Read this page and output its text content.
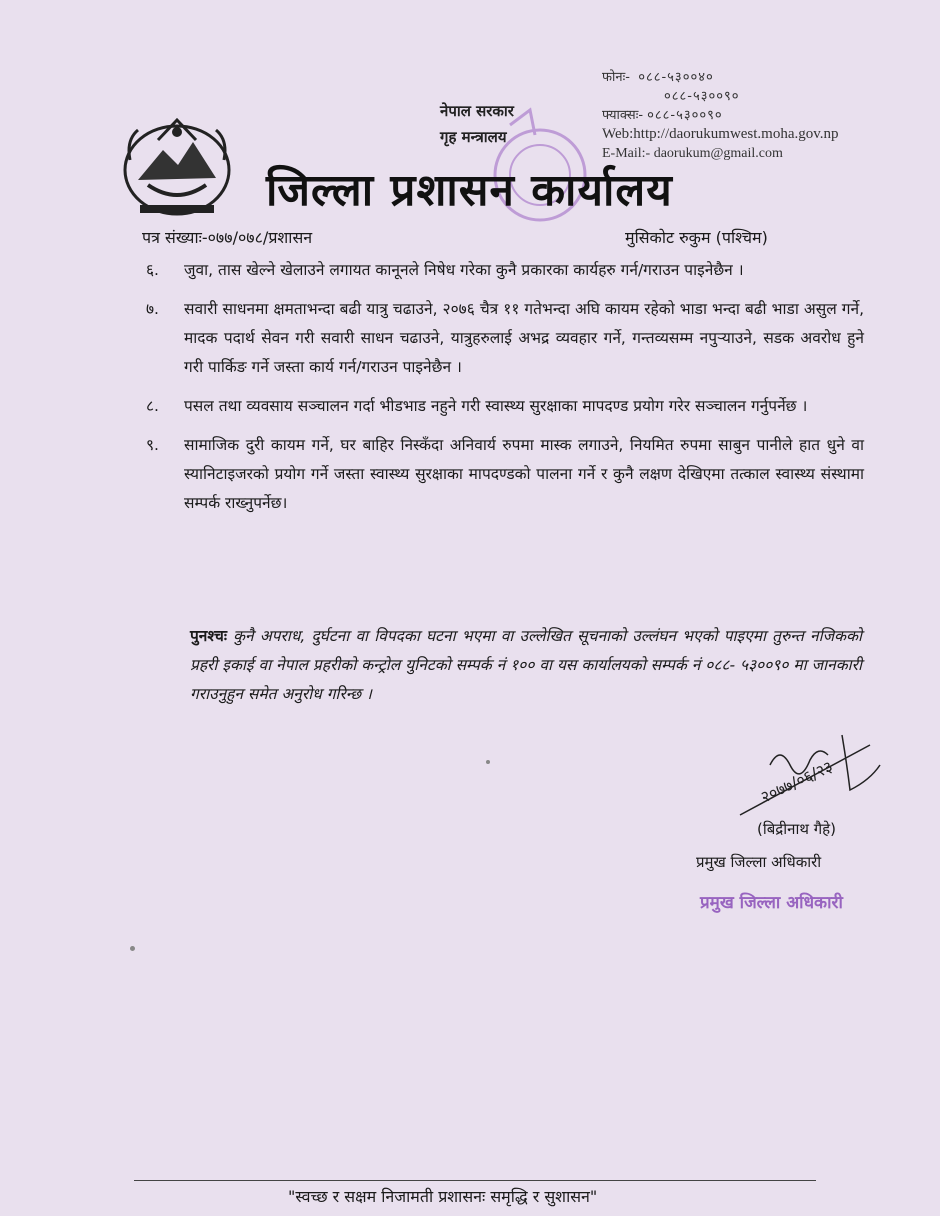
नेपाल सरकार
गृह मन्त्रालय
फोनः- ०८८-५३००४०
०८८-५३००९०
फ्याक्सः- ०८८-५३००९०
Web:http://daorukumwest.moha.gov.np
E-Mail:- daorukum@gmail.com
जिल्ला प्रशासन कार्यालय
पत्र संख्याः-०७७/०७८/प्रशासन	मुसिकोट रुकुम (पश्चिम)
६.	जुवा, तास खेल्ने खेलाउने लगायत कानूनले निषेध गरेका कुनै प्रकारका कार्यहरु गर्न/गराउन पाइनेछैन ।
७.	सवारी साधनमा क्षमताभन्दा बढी यात्रु चढाउने, २०७६ चैत्र ११ गतेभन्दा अघि कायम रहेको भाडा भन्दा बढी भाडा असुल गर्ने, मादक पदार्थ सेवन गरी सवारी साधन चढाउने, यात्रुहरुलाई अभद्र व्यवहार गर्ने, गन्तव्यसम्म नपुर्‍याउने, सडक अवरोध हुने गरी पार्किङ गर्ने जस्ता कार्य गर्न/गराउन पाइनेछैन ।
८.	पसल तथा व्यवसाय सञ्चालन गर्दा भीडभाड नहुने गरी स्वास्थ्य सुरक्षाका मापदण्ड प्रयोग गरेर सञ्चालन गर्नुपर्नेछ ।
९.	सामाजिक दुरी कायम गर्ने, घर बाहिर निस्कँदा अनिवार्य रुपमा मास्क लगाउने, नियमित रुपमा साबुन पानीले हात धुने वा स्यानिटाइजरको प्रयोग गर्ने जस्ता स्वास्थ्य सुरक्षाका मापदण्डको पालना गर्ने र कुनै लक्षण देखिएमा तत्काल स्वास्थ्य संस्थामा सम्पर्क राख्नुपर्नेछ।
पुनश्चः कुनै अपराध, दुर्घटना वा विपदका घटना भएमा वा उल्लेखित सूचनाको उल्लंघन भएको पाइएमा तुरुन्त नजिकको प्रहरी इकाई वा नेपाल प्रहरीको कन्ट्रोल युनिटको सम्पर्क नं १०० वा यस कार्यालयको सम्पर्क नं ०८८- ५३००९० मा जानकारी गराउनुहुन समेत अनुरोध गरिन्छ ।
२०७७/०६/२३
(बिद्रीनाथ गैहे)
प्रमुख जिल्ला अधिकारी
प्रमुख जिल्ला अधिकारी
"स्वच्छ र सक्षम निजामती प्रशासनः समृद्धि र सुशासन"
